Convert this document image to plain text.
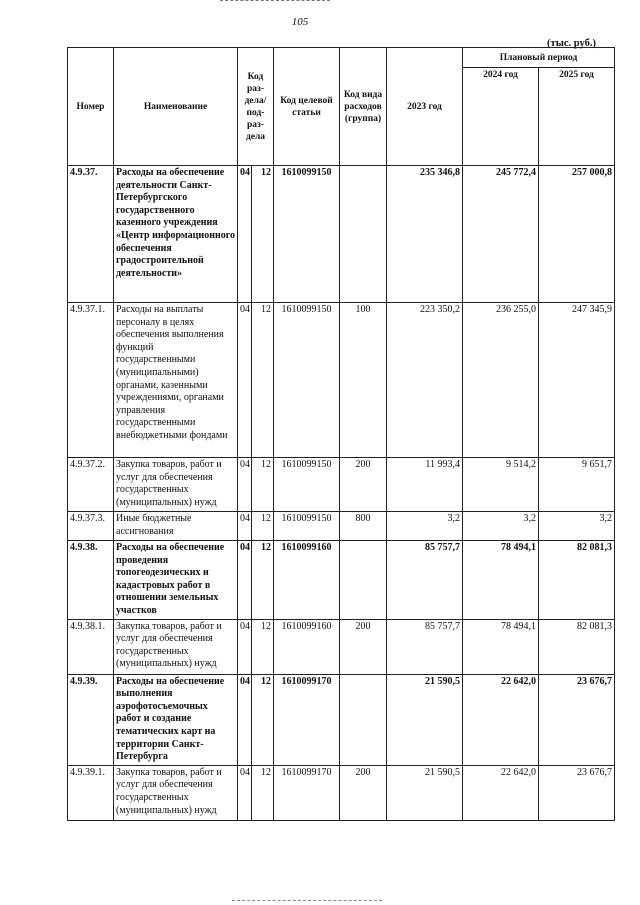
105
(тыс. руб.)
Номер	Наименование	Код раз-дела/ под-раз-дела		Код целевой статьи	Код вида расходов (группа)	2023 год	Плановый период	
							2024 год	2025 год
4.9.37.	Расходы на обеспечение деятельности Санкт-Петербургского государственного казенного учреждения «Центр информационного обеспечения градостроительной деятельности»	04	12	1610099150		235 346,8	245 772,4	257 000,8
4.9.37.1.	Расходы на выплаты персоналу в целях обеспечения выполнения функций государственными (муниципальными) органами, казенными учреждениями, органами управления государственными внебюджетными фондами	04	12	1610099150	100	223 350,2	236 255,0	247 345,9
4.9.37.2.	Закупка товаров, работ и услуг для обеспечения государственных (муниципальных) нужд	04	12	1610099150	200	11 993,4	9 514,2	9 651,7
4.9.37.3.	Иные бюджетные ассигнования	04	12	1610099150	800	3,2	3,2	3,2
4.9.38.	Расходы на обеспечение проведения топогеодезических и кадастровых работ в отношении земельных участков	04	12	1610099160		85 757,7	78 494,1	82 081,3
4.9.38.1.	Закупка товаров, работ и услуг для обеспечения государственных (муниципальных) нужд	04	12	1610099160	200	85 757,7	78 494,1	82 081,3
4.9.39.	Расходы на обеспечение выполнения аэрофотосъемочных работ и создание тематических карт на территории Санкт-Петербурга	04	12	1610099170		21 590,5	22 642,0	23 676,7
4.9.39.1.	Закупка товаров, работ и услуг для обеспечения государственных (муниципальных) нужд	04	12	1610099170	200	21 590,5	22 642,0	23 676,7
